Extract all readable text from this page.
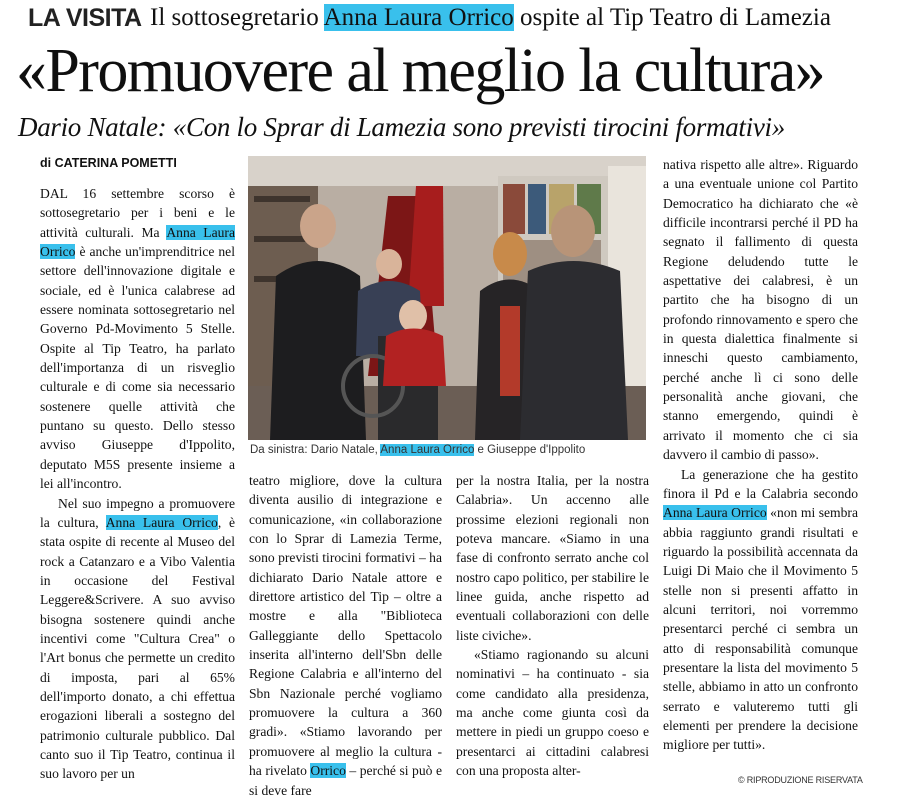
LA VISITA Il sottosegretario Anna Laura Orrico ospite al Tip Teatro di Lamezia
«Promuovere al meglio la cultura»
Dario Natale: «Con lo Sprar di Lamezia sono previsti tirocini formativi»
di CATERINA POMETTI

DAL 16 settembre scorso è sottosegretario per i beni e le attività culturali. Ma Anna Laura Orrico è anche un'imprenditrice nel settore dell'innovazione digitale e sociale, ed è l'unica calabrese ad essere nominata sottosegretario nel Governo Pd-Movimento 5 Stelle. Ospite al Tip Teatro, ha parlato dell'importanza di un risveglio culturale e di come sia necessario sostenere quelle attività che puntano su questo. Dello stesso avviso Giuseppe d'Ippolito, deputato M5S presente insieme a lei all'incontro.

Nel suo impegno a promuovere la cultura, Anna Laura Orrico, è stata ospite di recente al Museo del rock a Catanzaro e a Vibo Valentia in occasione del Festival Leggere&Scrivere. A suo avviso bisogna sostenere quindi anche incentivi come "Cultura Crea" o l'Art bonus che permette un credito di imposta, pari al 65% dell'importo donato, a chi effettua erogazioni liberali a sostegno del patrimonio culturale pubblico. Dal canto suo il Tip Teatro, continua il suo lavoro per un

Da sinistra: Dario Natale, Anna Laura Orrico e Giuseppe d'Ippolito

teatro migliore, dove la cultura diventa ausilio di integrazione e comunicazione, «in collaborazione con lo Sprar di Lamezia Terme, sono previsti tirocini formativi – ha dichiarato Dario Natale attore e direttore artistico del Tip – oltre a mostre e alla "Biblioteca Galleggiante dello Spettacolo inserita all'interno dell'Sbn delle Regione Calabria e all'interno del Sbn Nazionale perché vogliamo promuovere la cultura a 360 gradi». «Stiamo lavorando per promuovere al meglio la cultura - ha rivelato Orrico – perché si può e si deve fare

per la nostra Italia, per la nostra Calabria». Un accenno alle prossime elezioni regionali non poteva mancare. «Siamo in una fase di confronto serrato anche col nostro capo politico, per stabilire le linee guida, anche rispetto ad eventuali collaborazioni con delle liste civiche».

«Stiamo ragionando su alcuni nominativi – ha continuato - sia come candidato alla presidenza, ma anche come giunta così da mettere in piedi un gruppo coeso e presentarci ai cittadini calabresi con una proposta alter-

nativa rispetto alle altre». Riguardo a una eventuale unione col Partito Democratico ha dichiarato che «è difficile incontrarsi perché il PD ha segnato il fallimento di questa Regione deludendo tutte le aspettative dei calabresi, è un partito che ha bisogno di un profondo rinnovamento e spero che in questa dialettica finalmente si inneschi questo cambiamento, perché anche lì ci sono delle personalità anche giovani, che stanno emergendo, quindi è arrivato il momento che ci sia davvero il cambio di passo».

La generazione che ha gestito finora il Pd e la Calabria secondo Anna Laura Orrico «non mi sembra abbia raggiunto grandi risultati e riguardo la possibilità accennata da Luigi Di Maio che il Movimento 5 stelle non si presenti affatto in alcuni territori, noi vorremmo presentarci perché ci sembra un atto di responsabilità comunque presentare la lista del movimento 5 stelle, abbiamo in atto un confronto serrato e valuteremo tutti gli elementi per prendere la decisione migliore per tutti».

© RIPRODUZIONE RISERVATA
